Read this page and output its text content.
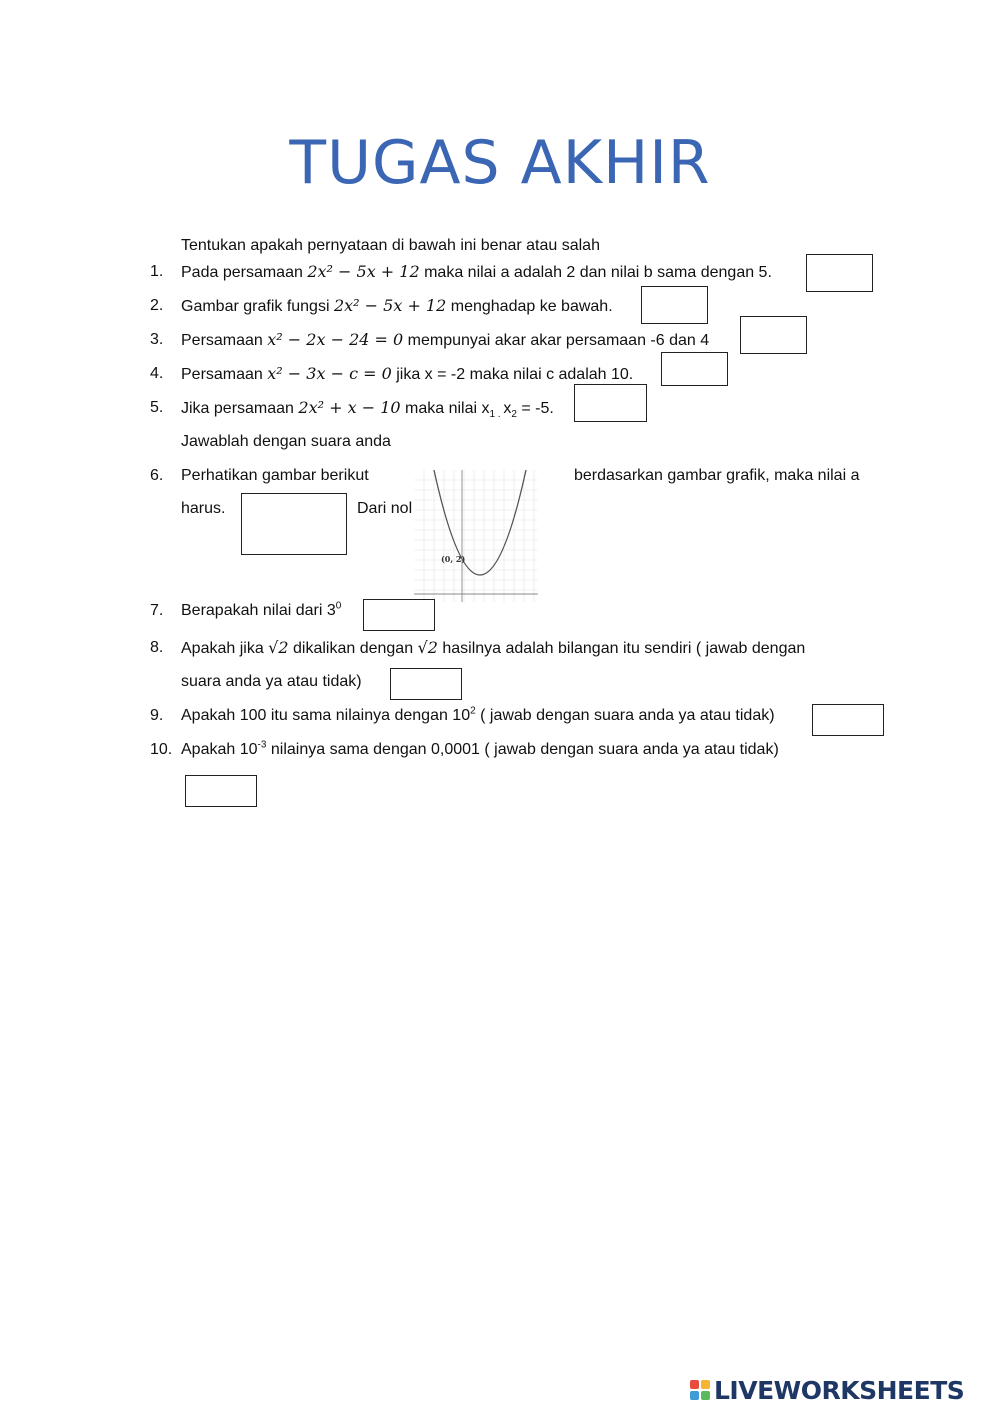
TUGAS AKHIR
Tentukan apakah pernyataan di bawah ini benar atau salah
1. Pada persamaan 2x² − 5x + 12 maka nilai a adalah 2 dan nilai b sama dengan 5.
2. Gambar grafik fungsi 2x² − 5x + 12 menghadap ke bawah.
3. Persamaan x² − 2x − 24 = 0 mempunyai akar akar persamaan -6 dan 4
4. Persamaan x² − 3x − c = 0 jika x = -2 maka nilai c adalah 10.
5. Jika persamaan 2x² + x − 10 maka nilai $x_{1 .}$ $x_2 = -5$.
Jawablah dengan suara anda
6. Perhatikan gambar berikut	berdasarkan gambar grafik, maka nilai a
harus.	Dari nol
(0, 2)
7. Berapakah nilai dari $3^0$
8. Apakah jika √2 dikalikan dengan √2 hasilnya adalah bilangan itu sendiri ( jawab dengan
suara anda ya atau tidak)
9. Apakah 100 itu sama nilainya dengan $10^2$ ( jawab dengan suara anda ya atau tidak)
10. Apakah $10^{-3}$ nilainya sama dengan 0,0001 ( jawab dengan suara anda ya atau tidak)
LIVEWORKSHEETS
